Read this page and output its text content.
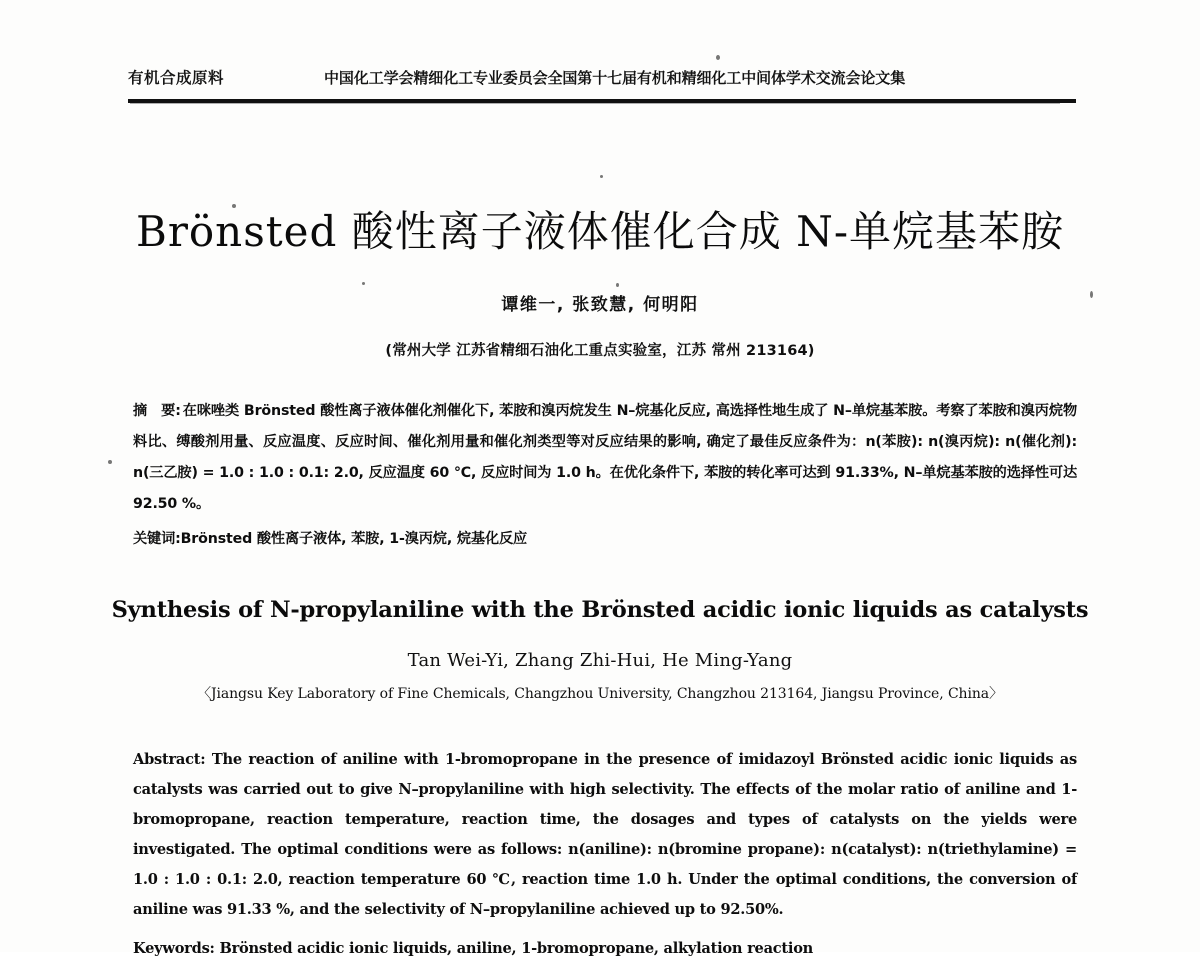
有机合成原料	中国化工学会精细化工专业委员会全国第十七届有机和精细化工中间体学术交流会论文集
Brönsted 酸性离子液体催化合成 N-单烷基苯胺
谭维一, 张致慧, 何明阳
(常州大学 江苏省精细石油化工重点实验室，江苏 常州 213164)

摘　要: 在咪唑类 Brönsted 酸性离子液体催化剂催化下, 苯胺和溴丙烷发生 N–烷基化反应, 高选择性地生成了 N–单烷基苯胺。考察了苯胺和溴丙烷物料比、缚酸剂用量、反应温度、反应时间、催化剂用量和催化剂类型等对反应结果的影响, 确定了最佳反应条件为：n(苯胺): n(溴丙烷): n(催化剂): n(三乙胺) = 1.0 : 1.0 : 0.1: 2.0, 反应温度 60 ℃, 反应时间为 1.0 h。在优化条件下, 苯胺的转化率可达到 91.33%, N–单烷基苯胺的选择性可达 92.50 %。

关键词:Brönsted 酸性离子液体, 苯胺, 1-溴丙烷, 烷基化反应
Synthesis of N-propylaniline with the Brönsted acidic ionic liquids as catalysts
Tan Wei-Yi, Zhang Zhi-Hui, He Ming-Yang
〈Jiangsu Key Laboratory of Fine Chemicals, Changzhou University, Changzhou 213164, Jiangsu Province, China〉

Abstract: The reaction of aniline with 1-bromopropane in the presence of imidazoyl Brönsted acidic ionic liquids as catalysts was carried out to give N–propylaniline with high selectivity. The effects of the molar ratio of aniline and 1-bromopropane, reaction temperature, reaction time, the dosages and types of catalysts on the yields were investigated. The optimal conditions were as follows: n(aniline): n(bromine propane): n(catalyst): n(triethylamine) = 1.0 : 1.0 : 0.1: 2.0, reaction temperature 60 ℃, reaction time 1.0 h. Under the optimal conditions, the conversion of aniline was 91.33 %, and the selectivity of N–propylaniline achieved up to 92.50%.

Keywords: Brönsted acidic ionic liquids, aniline, 1-bromopropane, alkylation reaction
